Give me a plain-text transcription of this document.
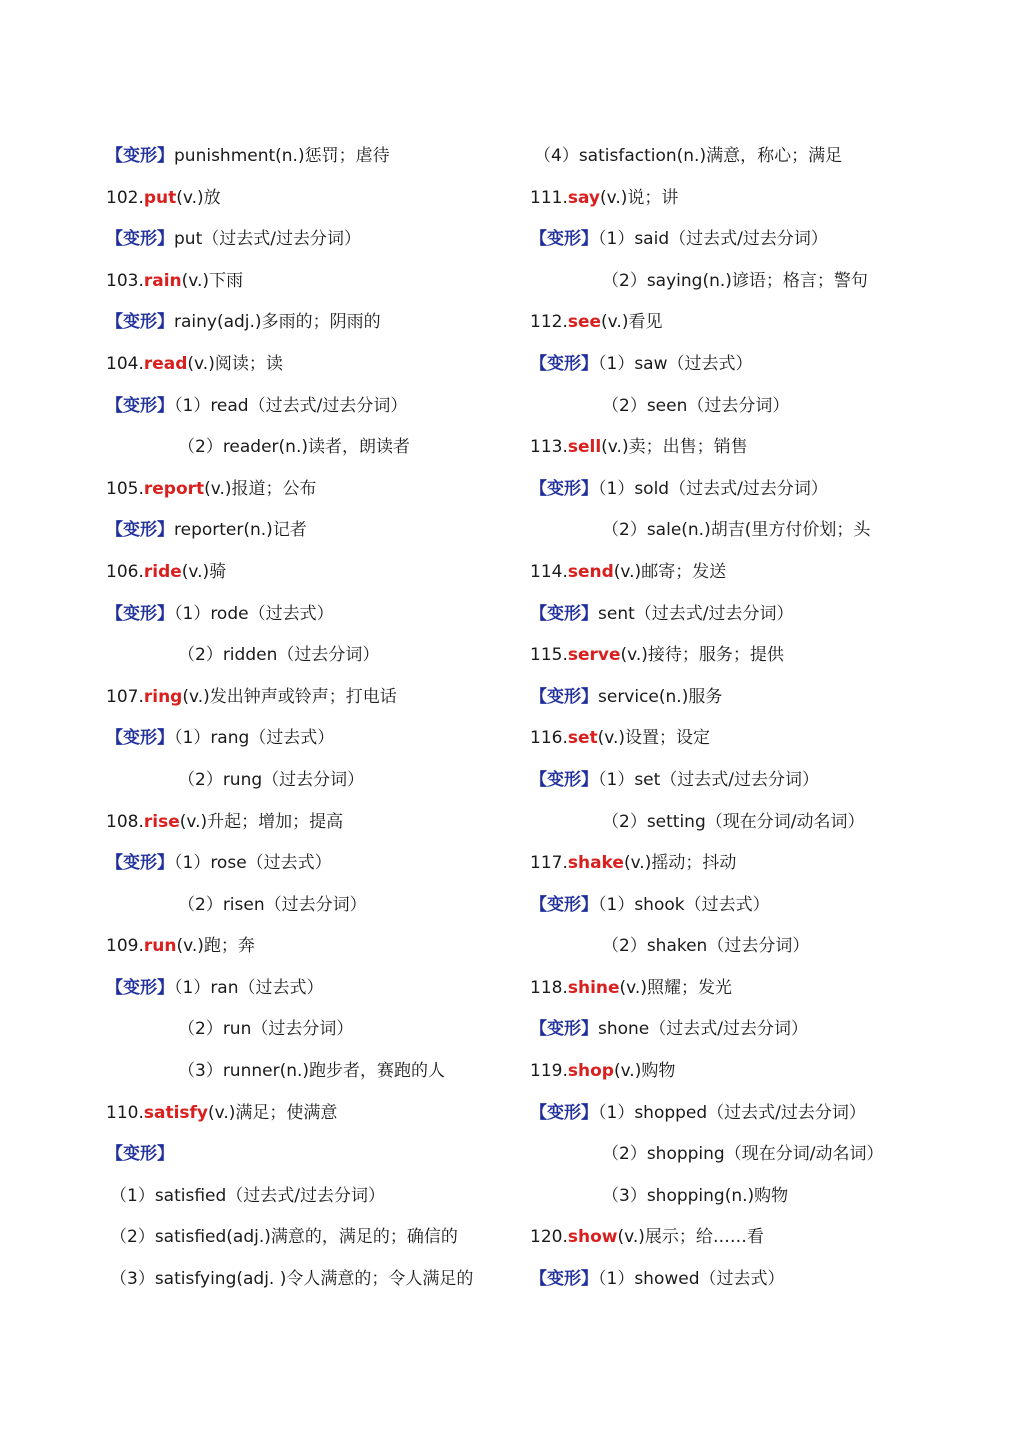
【变形】punishment(n.)惩罚；虐待
102.put(v.)放
【变形】put（过去式/过去分词）
103.rain(v.)下雨
【变形】rainy(adj.)多雨的；阴雨的
104.read(v.)阅读；读
【变形】（1）read（过去式/过去分词）
（2）reader(n.)读者，朗读者
105.report(v.)报道；公布
【变形】reporter(n.)记者
106.ride(v.)骑
【变形】（1）rode（过去式）
（2）ridden（过去分词）
107.ring(v.)发出钟声或铃声；打电话
【变形】（1）rang（过去式）
（2）rung（过去分词）
108.rise(v.)升起；增加；提高
【变形】（1）rose（过去式）
（2）risen（过去分词）
109.run(v.)跑；奔
【变形】（1）ran（过去式）
（2）run（过去分词）
（3）runner(n.)跑步者，赛跑的人
110.satisfy(v.)满足；使满意
【变形】
（1）satisfied（过去式/过去分词）
（2）satisfied(adj.)满意的，满足的；确信的
（3）satisfying(adj. )令人满意的；令人满足的
（4）satisfaction(n.)满意，称心；满足
111.say(v.)说；讲
【变形】（1）said（过去式/过去分词）
（2）saying(n.)谚语；格言；警句
112.see(v.)看见
【变形】（1）saw（过去式）
（2）seen（过去分词）
113.sell(v.)卖；出售；销售
【变形】（1）sold（过去式/过去分词）
（2）sale(n.)胡吉(里方付价划；头
114.send(v.)邮寄；发送
【变形】sent（过去式/过去分词）
115.serve(v.)接待；服务；提供
【变形】service(n.)服务
116.set(v.)设置；设定
【变形】（1）set（过去式/过去分词）
（2）setting（现在分词/动名词）
117.shake(v.)摇动；抖动
【变形】（1）shook（过去式）
（2）shaken（过去分词）
118.shine(v.)照耀；发光
【变形】shone（过去式/过去分词）
119.shop(v.)购物
【变形】（1）shopped（过去式/过去分词）
（2）shopping（现在分词/动名词）
（3）shopping(n.)购物
120.show(v.)展示；给……看
【变形】（1）showed（过去式）
